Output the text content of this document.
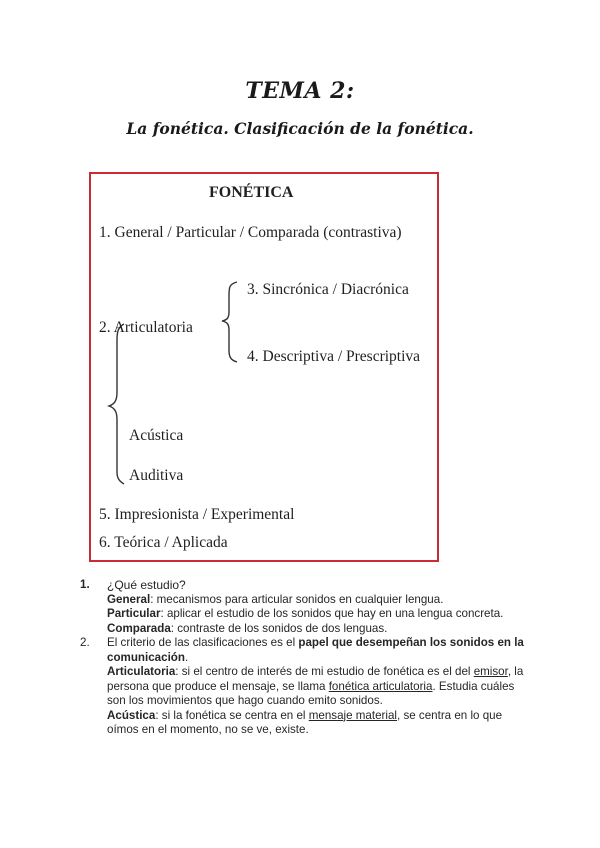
TEMA 2:
La fonética. Clasificación de la fonética.
FONÉTICA
1. General / Particular / Comparada (contrastiva)
3. Sincrónica / Diacrónica
2. Articulatoria
4. Descriptiva / Prescriptiva
Acústica
Auditiva
5. Impresionista / Experimental
6. Teórica / Aplicada
1. ¿Qué estudio?
General: mecanismos para articular sonidos en cualquier lengua.
Particular: aplicar el estudio de los sonidos que hay en una lengua concreta.
Comparada: contraste de los sonidos de dos lenguas.
2. El criterio de las clasificaciones es el papel que desempeñan los sonidos en la comunicación.
Articulatoria: si el centro de interés de mi estudio de fonética es el del emisor, la persona que produce el mensaje, se llama fonética articulatoria. Estudia cuáles son los movimientos que hago cuando emito sonidos.
Acústica: si la fonética se centra en el mensaje material, se centra en lo que oímos en el momento, no se ve, existe.
